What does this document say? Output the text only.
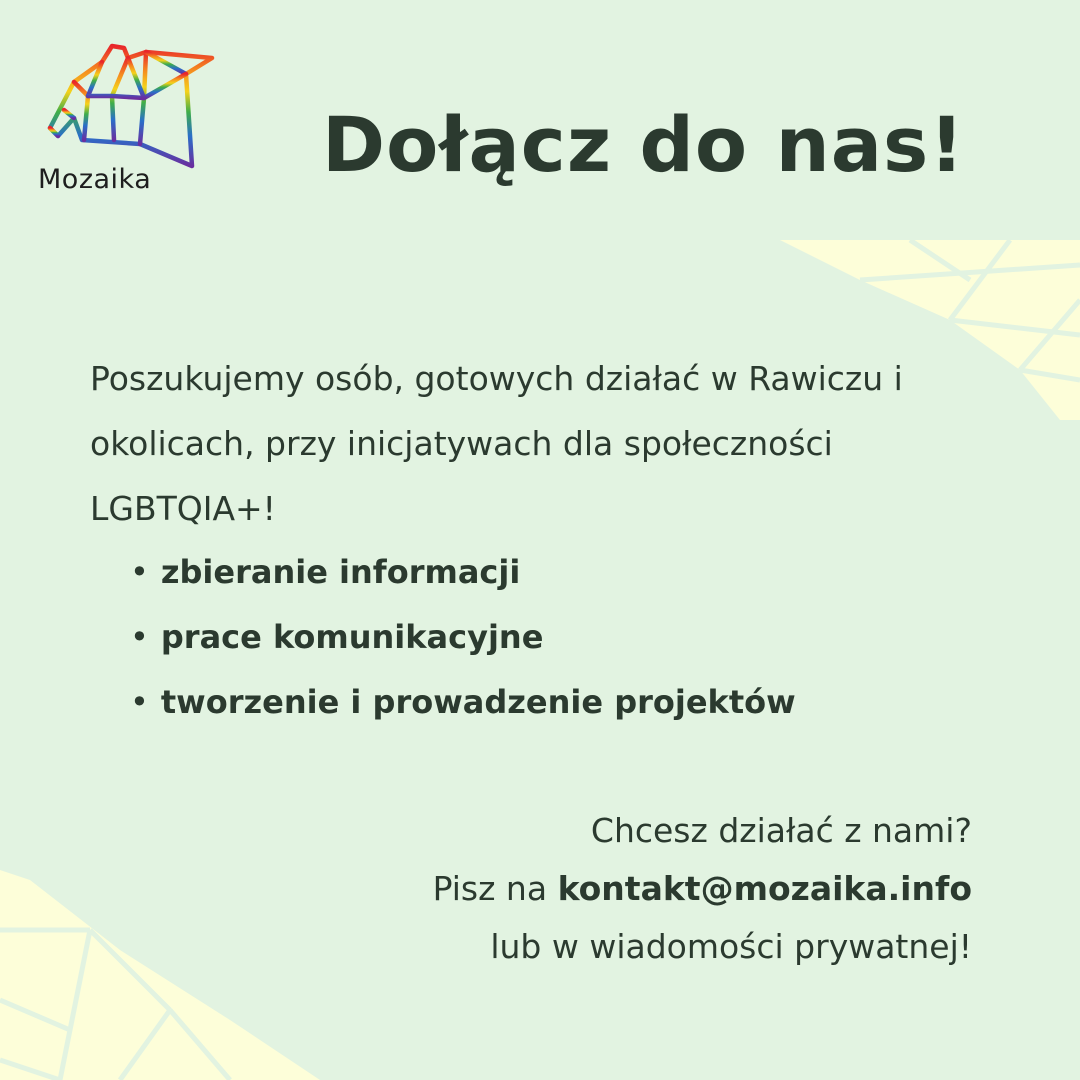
Mozaika Dołącz do nas!

Poszukujemy osób, gotowych działać w Rawiczu i okolicach, przy inicjatywach dla społeczności LGBTQIA+!

• zbieranie informacji
• prace komunikacyjne
• tworzenie i prowadzenie projektów
Chcesz działać z nami?
Pisz na kontakt@mozaika.info
lub w wiadomości prywatnej!
